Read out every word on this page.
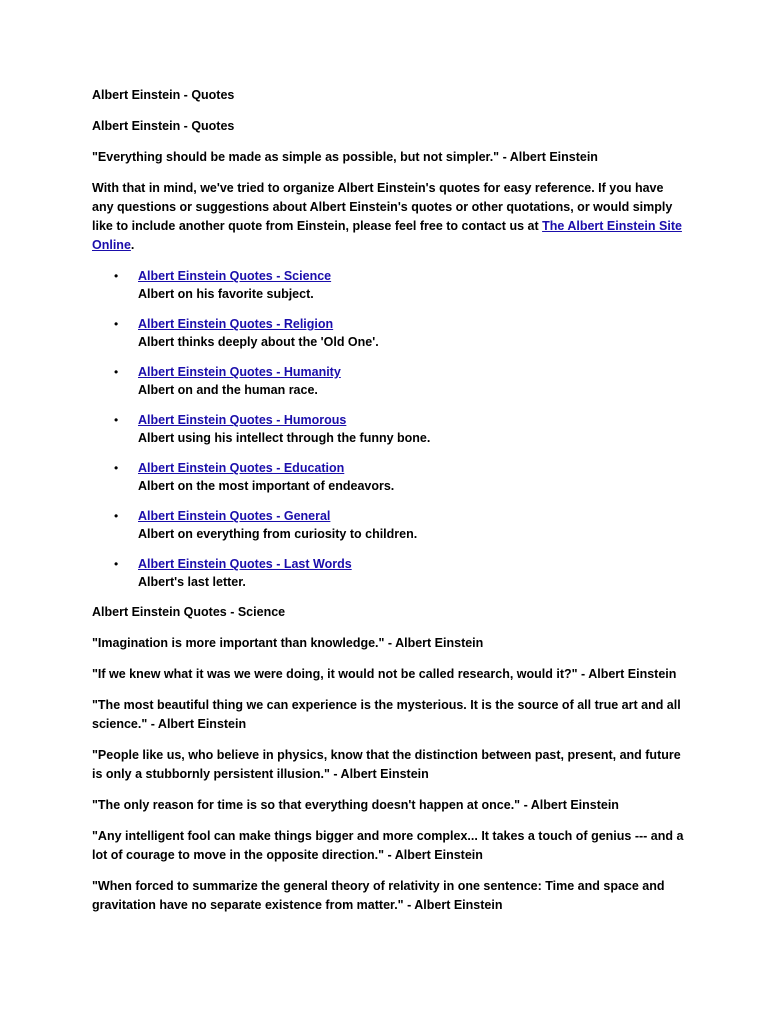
Albert Einstein - Quotes

Albert Einstein - Quotes

"Everything should be made as simple as possible, but not simpler." - Albert Einstein

With that in mind, we've tried to organize Albert Einstein's quotes for easy reference. If you have any questions or suggestions about Albert Einstein's quotes or other quotations, or would simply like to include another quote from Einstein, please feel free to contact us at The Albert Einstein Site Online.

• Albert Einstein Quotes - Science
Albert on his favorite subject.
• Albert Einstein Quotes - Religion
Albert thinks deeply about the 'Old One'.
• Albert Einstein Quotes - Humanity
Albert on and the human race.
• Albert Einstein Quotes - Humorous
Albert using his intellect through the funny bone.
• Albert Einstein Quotes - Education
Albert on the most important of endeavors.
• Albert Einstein Quotes - General
Albert on everything from curiosity to children.
• Albert Einstein Quotes - Last Words
Albert's last letter.

Albert Einstein Quotes - Science

"Imagination is more important than knowledge." - Albert Einstein

"If we knew what it was we were doing, it would not be called research, would it?" - Albert Einstein

"The most beautiful thing we can experience is the mysterious. It is the source of all true art and all science." - Albert Einstein

"People like us, who believe in physics, know that the distinction between past, present, and future is only a stubbornly persistent illusion." - Albert Einstein

"The only reason for time is so that everything doesn't happen at once." - Albert Einstein

"Any intelligent fool can make things bigger and more complex... It takes a touch of genius --- and a lot of courage to move in the opposite direction." - Albert Einstein

"When forced to summarize the general theory of relativity in one sentence: Time and space and gravitation have no separate existence from matter." - Albert Einstein
